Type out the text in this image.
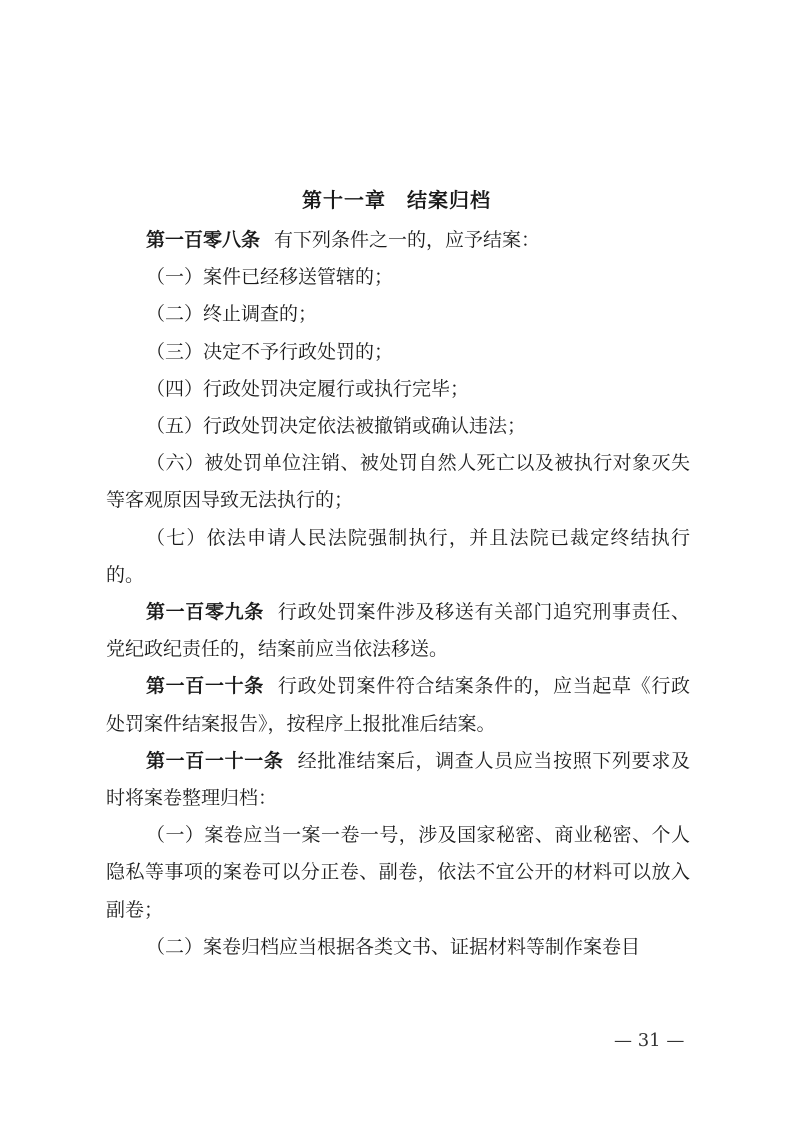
第十一章　结案归档

第一百零八条 有下列条件之一的，应予结案：

（一）案件已经移送管辖的；

（二）终止调查的；

（三）决定不予行政处罚的；

（四）行政处罚决定履行或执行完毕；

（五）行政处罚决定依法被撤销或确认违法；

（六）被处罚单位注销、被处罚自然人死亡以及被执行对象灭失等客观原因导致无法执行的；

（七）依法申请人民法院强制执行，并且法院已裁定终结执行的。

第一百零九条 行政处罚案件涉及移送有关部门追究刑事责任、党纪政纪责任的，结案前应当依法移送。

第一百一十条 行政处罚案件符合结案条件的，应当起草《行政处罚案件结案报告》，按程序上报批准后结案。

第一百一十一条 经批准结案后，调查人员应当按照下列要求及时将案卷整理归档：

（一）案卷应当一案一卷一号，涉及国家秘密、商业秘密、个人隐私等事项的案卷可以分正卷、副卷，依法不宜公开的材料可以放入副卷；

（二）案卷归档应当根据各类文书、证据材料等制作案卷目

— 31 —
